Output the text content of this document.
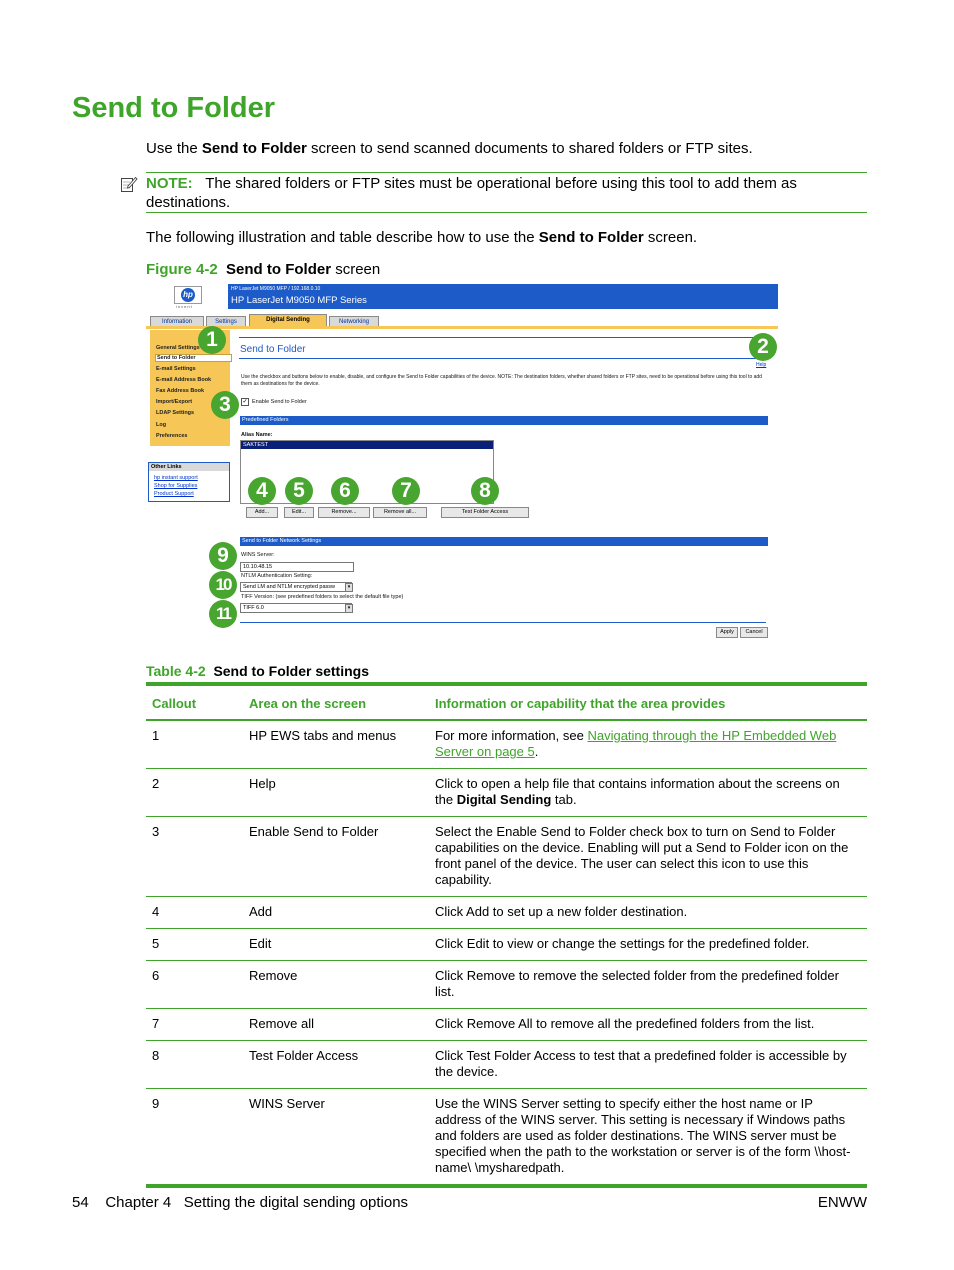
Send to Folder
Use the Send to Folder screen to send scanned documents to shared folders or FTP sites.
NOTE: The shared folders or FTP sites must be operational before using this tool to add them as destinations.
The following illustration and table describe how to use the Send to Folder screen.
Figure 4-2 Send to Folder screen
hp
invent
HP LaserJet M9050 MFP / 192.168.0.10
HP LaserJet M9050 MFP Series
Information	Settings	Digital Sending	Networking
General Settings
Send to Folder
E-mail Settings
E-mail Address Book
Fax Address Book
Import/Export
LDAP Settings
Log
Preferences
Other Links
hp instant support
Shop for Supplies
Product Support
Send to Folder
Help
Use the checkbox and buttons below to enable, disable, and configure the Send to Folder capabilities of the device. NOTE: The destination folders, whether shared folders or FTP sites, need to be operational before using this tool to add them as destinations for the device.
✓ Enable Send to Folder
Predefined Folders
Alias Name:
SAKTEST
Add...	Edit...	Remove...	Remove all...	Test Folder Access
Send to Folder Network Settings
WINS Server:
10.10.48.15
NTLM Authentication Setting:
Send LM and NTLM encrypted passw	▾
TIFF Version: (see predefined folders to select the default file type)
TIFF 6.0	▾
Apply	Cancel
1	2
3
4	5	6	7	8
9
10
11
Table 4-2 Send to Folder settings
Callout	Area on the screen	Information or capability that the area provides
1	HP EWS tabs and menus	For more information, see Navigating through the HP Embedded Web Server on page 5.
2	Help	Click to open a help file that contains information about the screens on the Digital Sending tab.
3	Enable Send to Folder	Select the Enable Send to Folder check box to turn on Send to Folder capabilities on the device. Enabling will put a Send to Folder icon on the front panel of the device. The user can select this icon to use this capability.
4	Add	Click Add to set up a new folder destination.
5	Edit	Click Edit to view or change the settings for the predefined folder.
6	Remove	Click Remove to remove the selected folder from the predefined folder list.
7	Remove all	Click Remove All to remove all the predefined folders from the list.
8	Test Folder Access	Click Test Folder Access to test that a predefined folder is accessible by the device.
9	WINS Server	Use the WINS Server setting to specify either the host name or IP address of the WINS server. This setting is necessary if Windows paths and folders are used as folder destinations. The WINS server must be specified when the path to the workstation or server is of the form \\host-name\ \mysharedpath.
54    Chapter 4   Setting the digital sending options	ENWW
